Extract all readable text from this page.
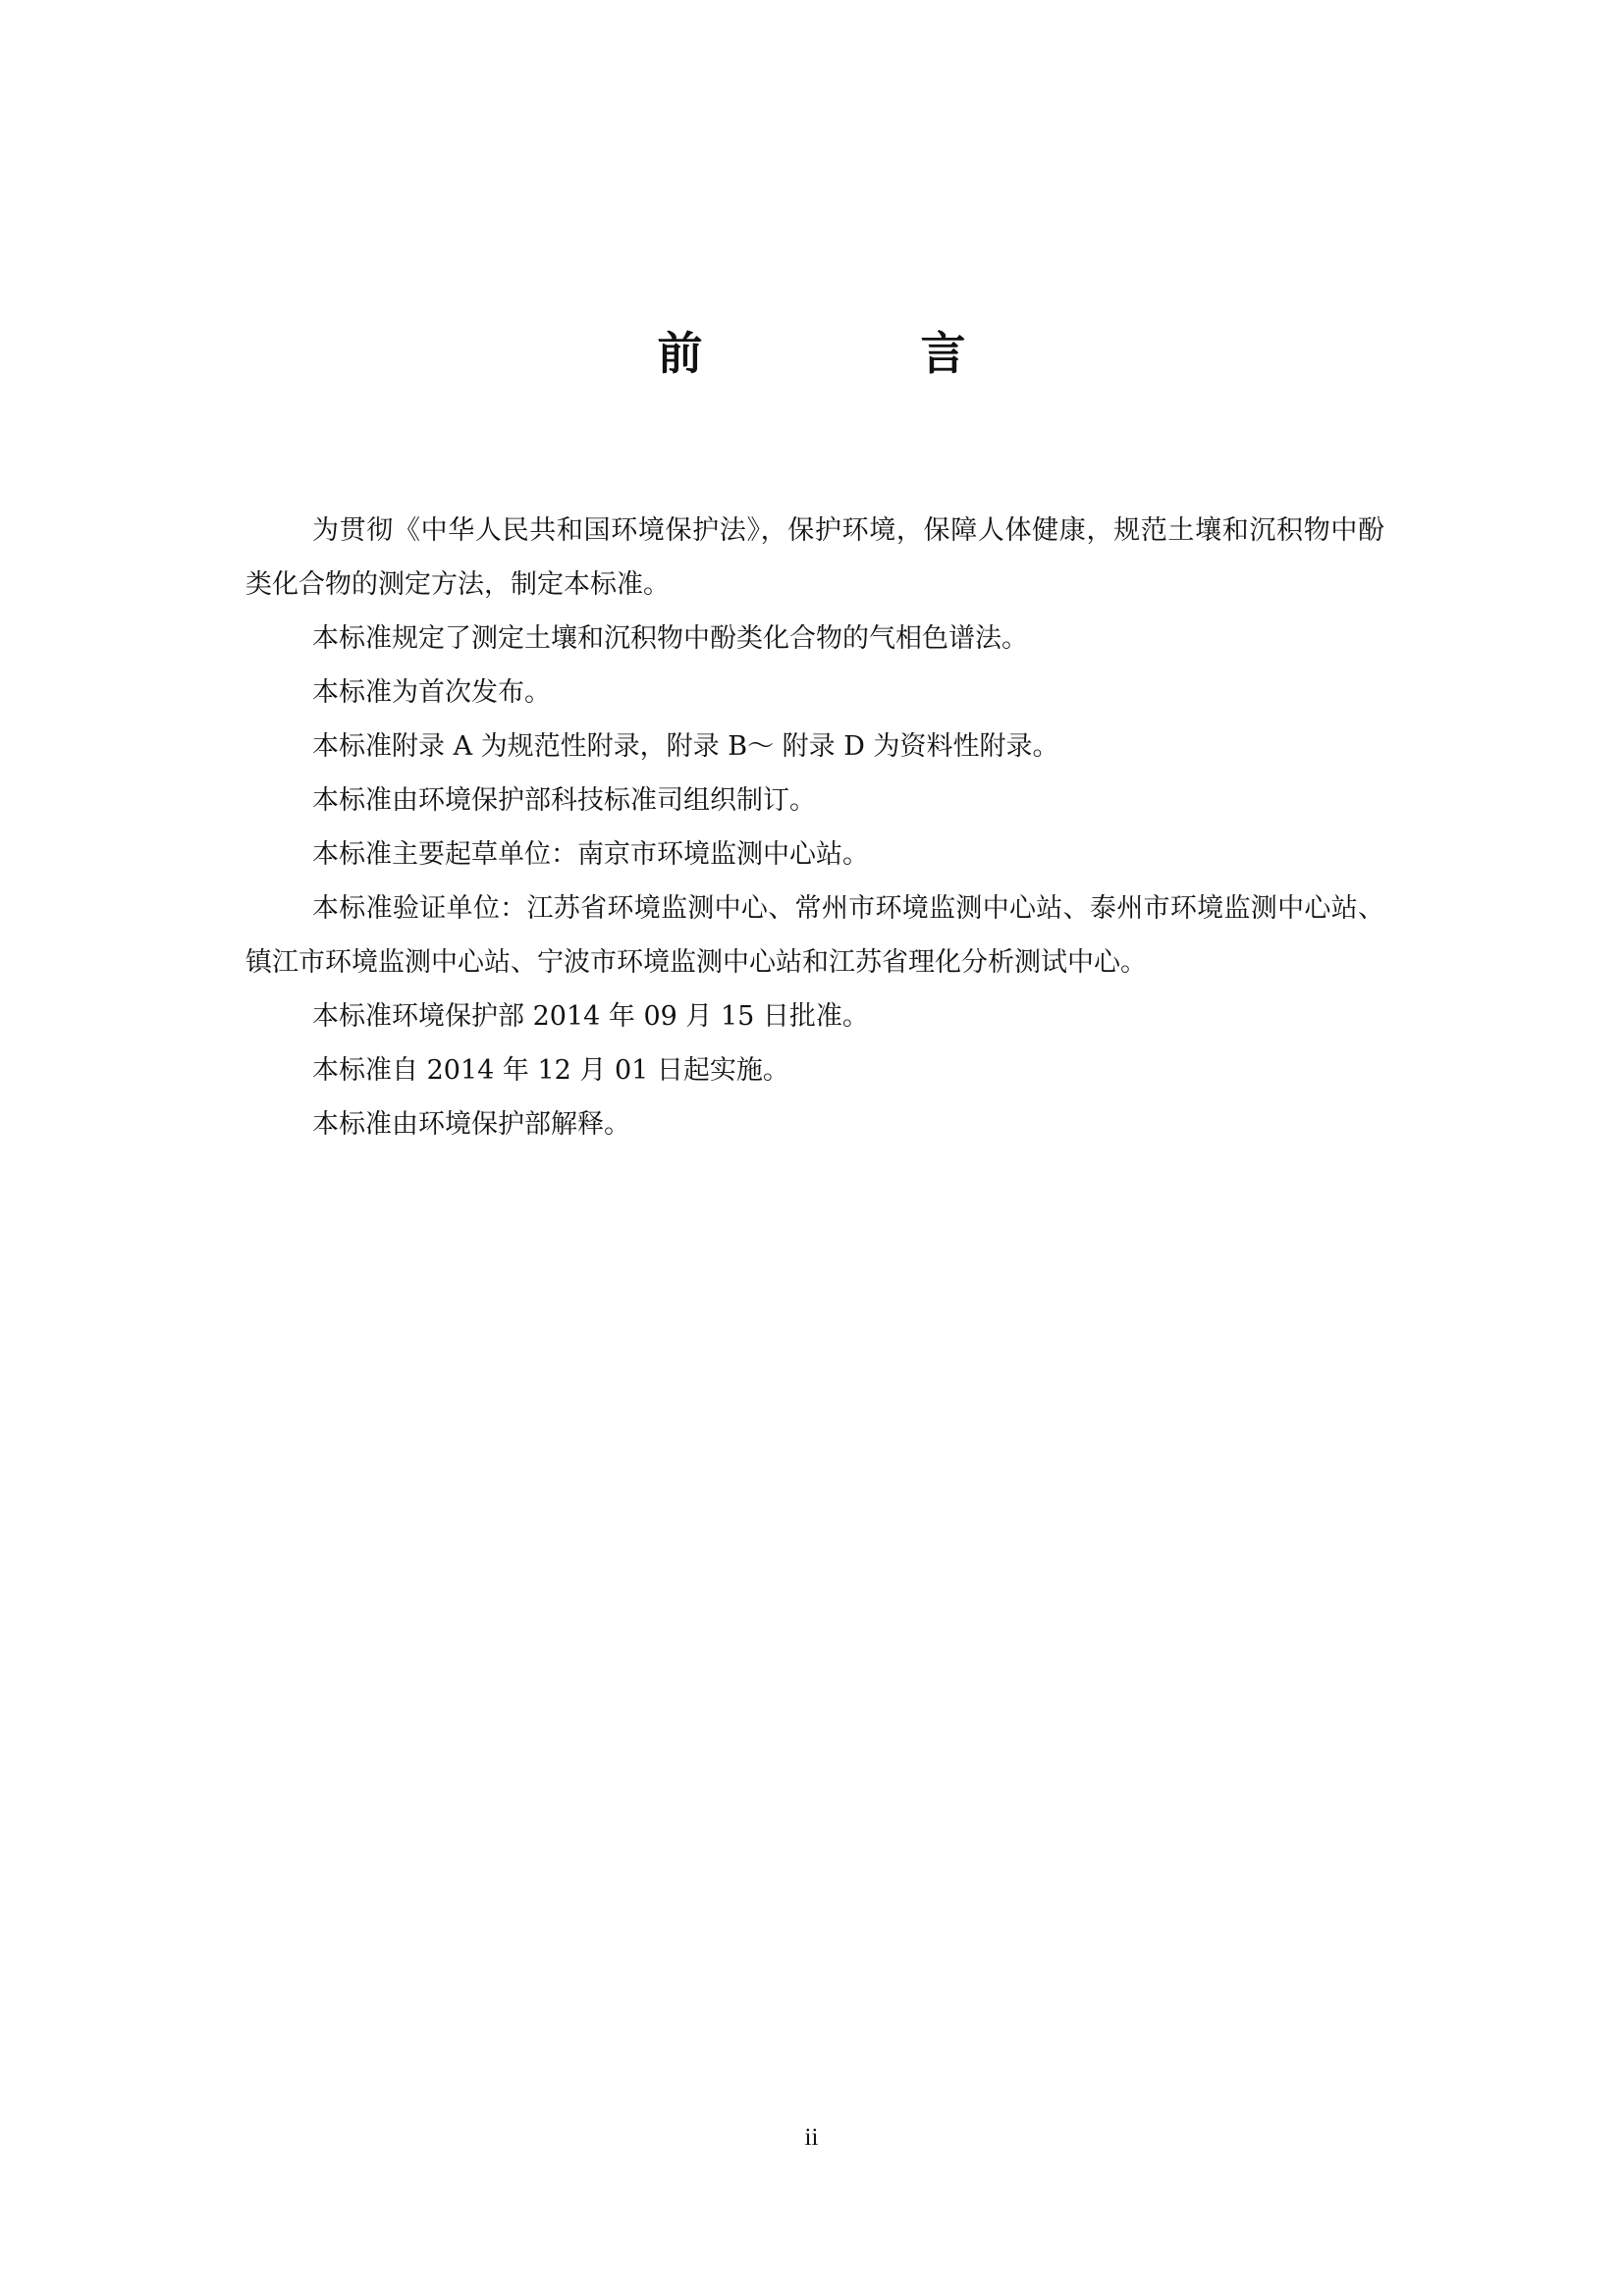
前　言

为贯彻《中华人民共和国环境保护法》，保护环境，保障人体健康，规范土壤和沉积物中酚类化合物的测定方法，制定本标准。

本标准规定了测定土壤和沉积物中酚类化合物的气相色谱法。

本标准为首次发布。

本标准附录 A 为规范性附录，附录 B～ 附录 D 为资料性附录。

本标准由环境保护部科技标准司组织制订。

本标准主要起草单位：南京市环境监测中心站。

本标准验证单位：江苏省环境监测中心、常州市环境监测中心站、泰州市环境监测中心站、镇江市环境监测中心站、宁波市环境监测中心站和江苏省理化分析测试中心。

本标准环境保护部 2014 年 09 月 15 日批准。

本标准自 2014 年 12 月 01 日起实施。

本标准由环境保护部解释。

ii
